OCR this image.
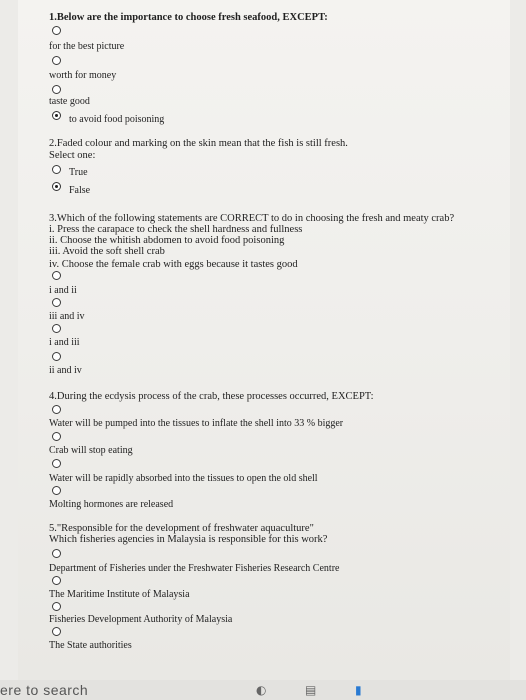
1.Below are the importance to choose fresh seafood, EXCEPT:
for the best picture
worth for money
taste good
to avoid food poisoning
2.Faded colour and marking on the skin mean that the fish is still fresh.
Select one:
True
False
3.Which of the following statements are CORRECT to do in choosing the fresh and meaty crab?
i. Press the carapace to check the shell hardness and fullness
ii. Choose the whitish abdomen to avoid food poisoning
iii. Avoid the soft shell crab
iv. Choose the female crab with eggs because it tastes good
i and ii
iii and iv
i and iii
ii and iv
4.During the ecdysis process of the crab, these processes occurred, EXCEPT:
Water will be pumped into the tissues to inflate the shell into 33 % bigger
Crab will stop eating
Water will be rapidly absorbed into the tissues to open the old shell
Molting hormones are released
5."Responsible for the development of freshwater aquaculture"
Which fisheries agencies in Malaysia is responsible for this work?
Department of Fisheries under the Freshwater Fisheries Research Centre
The Maritime Institute of Malaysia
Fisheries Development Authority of Malaysia
The State authorities
ere to search	◐	▤	▮
